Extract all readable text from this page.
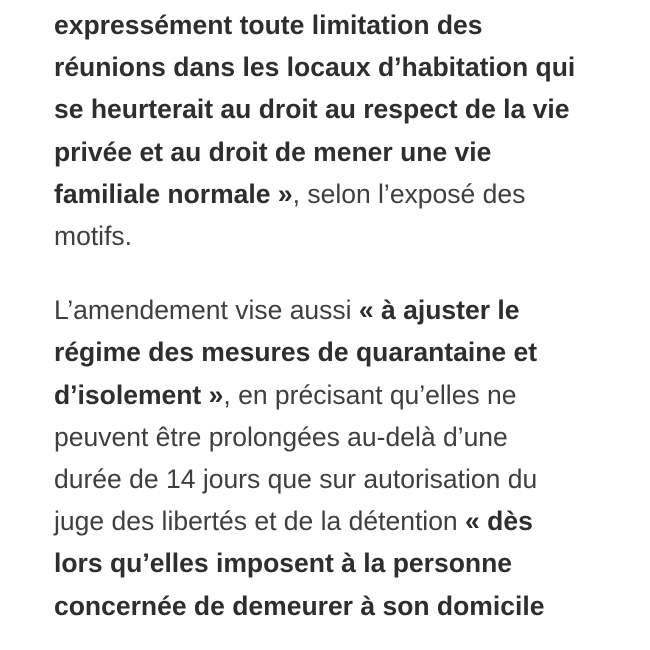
expressément toute limitation des
réunions dans les locaux d’habitation qui
se heurterait au droit au respect de la vie
privée et au droit de mener une vie
familiale normale », selon l’exposé des
motifs.

L’amendement vise aussi « à ajuster le
régime des mesures de quarantaine et
d’isolement », en précisant qu’elles ne
peuvent être prolongées au-delà d’une
durée de 14 jours que sur autorisation du
juge des libertés et de la détention « dès
lors qu’elles imposent à la personne
concernée de demeurer à son domicile
